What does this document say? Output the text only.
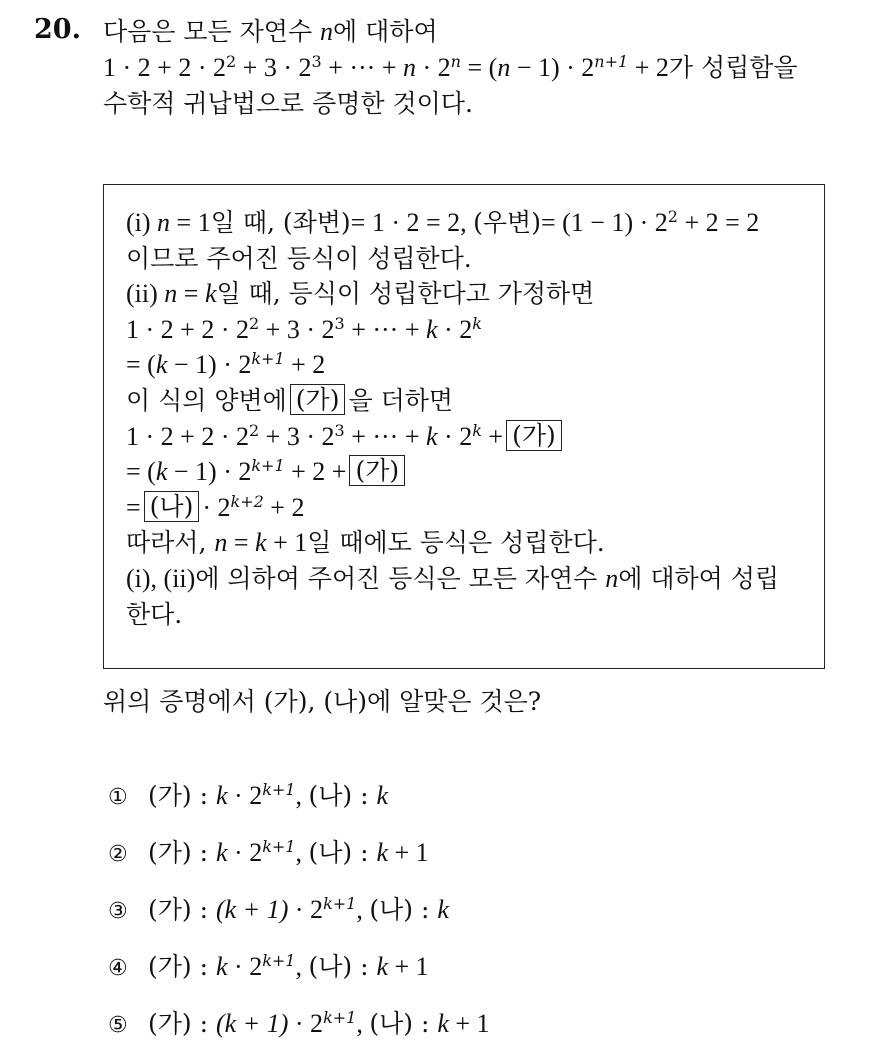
20. 다음은 모든 자연수 n에 대하여
$1 \cdot 2 + 2 \cdot 2^2 + 3 \cdot 2^3$ + ··· + $n \cdot 2^n = (n - 1) \cdot 2^{n+1} + 2$가 성립함을
수학적 귀납법으로 증명한 것이다.
(i) n = 1일 때, (좌변)= 1 · 2 = 2, (우변)= $(1 - 1) \cdot 2^2 + 2 = 2$
이므로 주어진 등식이 성립한다.
(ii) n = k일 때, 등식이 성립한다고 가정하면
$1 \cdot 2 + 2 \cdot 2^2 + 3 \cdot 2^3$ + ··· + $k \cdot 2^k$
= $(k - 1) \cdot 2^{k+1} + 2$
이 식의 양변에 (가) 을 더하면
$1 \cdot 2 + 2 \cdot 2^2 + 3 \cdot 2^3$ + ··· + $k \cdot 2^k$ + (가)
= $(k - 1) \cdot 2^{k+1} + 2$ + (가)
= (나) · $2^{k+2} + 2$
따라서, n = k + 1일 때에도 등식은 성립한다.
(i), (ii)에 의하여 주어진 등식은 모든 자연수 n에 대하여 성립
한다.
위의 증명에서 (가), (나)에 알맞은 것은?
① (가) : $k \cdot 2^{k+1}$, (나) : k
② (가) : $k \cdot 2^{k+1}$, (나) : k + 1
③ (가) : $(k + 1) \cdot 2^{k+1}$, (나) : k
④ (가) : $k \cdot 2^{k+1}$, (나) : k + 1
⑤ (가) : $(k + 1) \cdot 2^{k+1}$, (나) : k + 1
